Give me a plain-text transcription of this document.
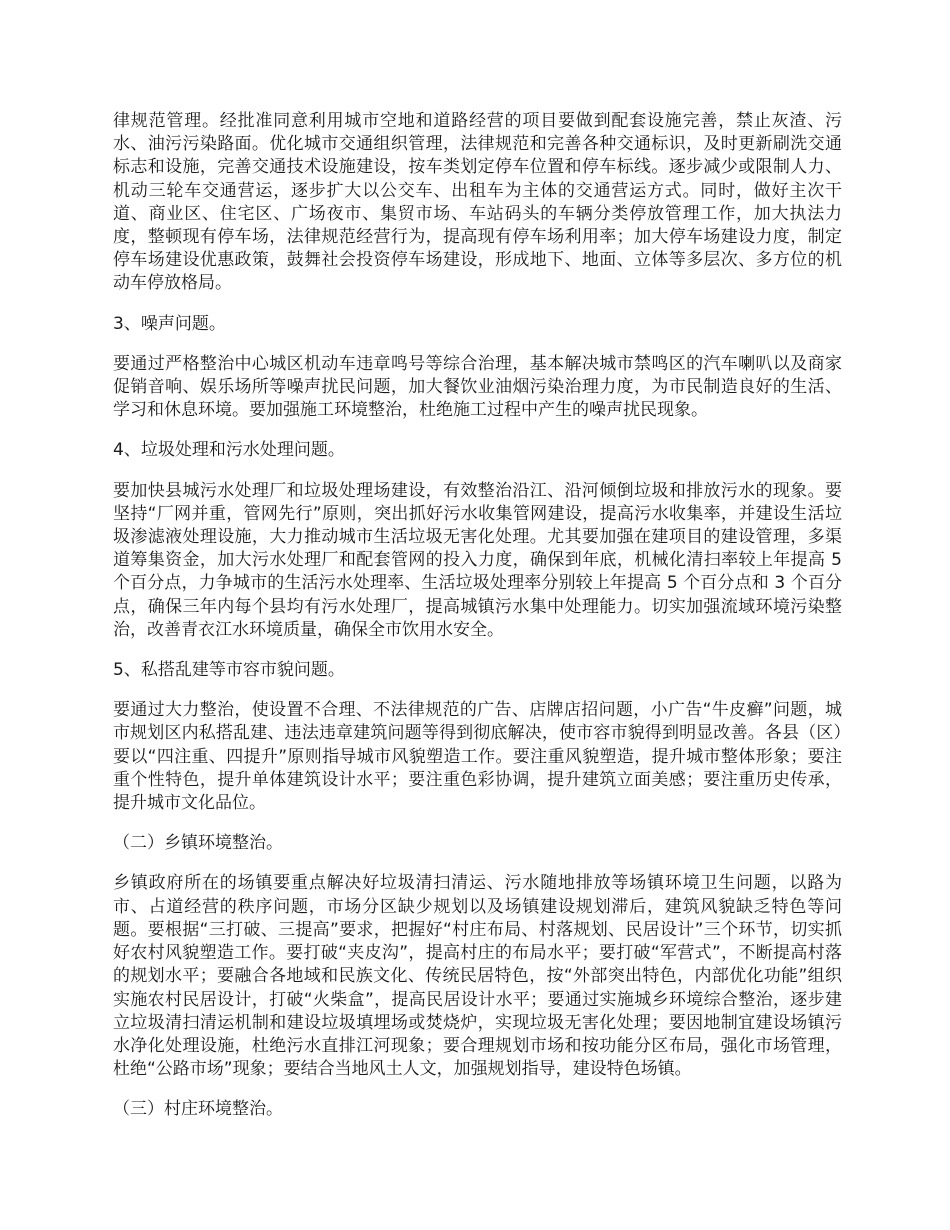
律规范管理。经批准同意利用城市空地和道路经营的项目要做到配套设施完善，禁止灰渣、污水、油污污染路面。优化城市交通组织管理，法律规范和完善各种交通标识，及时更新刷洗交通标志和设施，完善交通技术设施建设，按车类划定停车位置和停车标线。逐步减少或限制人力、机动三轮车交通营运，逐步扩大以公交车、出租车为主体的交通营运方式。同时，做好主次干道、商业区、住宅区、广场夜市、集贸市场、车站码头的车辆分类停放管理工作，加大执法力度，整顿现有停车场，法律规范经营行为，提高现有停车场利用率；加大停车场建设力度，制定停车场建设优惠政策，鼓舞社会投资停车场建设，形成地下、地面、立体等多层次、多方位的机动车停放格局。

3、噪声问题。

要通过严格整治中心城区机动车违章鸣号等综合治理，基本解决城市禁鸣区的汽车喇叭以及商家促销音响、娱乐场所等噪声扰民问题，加大餐饮业油烟污染治理力度，为市民制造良好的生活、学习和休息环境。要加强施工环境整治，杜绝施工过程中产生的噪声扰民现象。

4、垃圾处理和污水处理问题。

要加快县城污水处理厂和垃圾处理场建设，有效整治沿江、沿河倾倒垃圾和排放污水的现象。要坚持“厂网并重，管网先行”原则，突出抓好污水收集管网建设，提高污水收集率，并建设生活垃圾渗滤液处理设施，大力推动城市生活垃圾无害化处理。尤其要加强在建项目的建设管理，多渠道筹集资金，加大污水处理厂和配套管网的投入力度，确保到年底，机械化清扫率较上年提高 5 个百分点，力争城市的生活污水处理率、生活垃圾处理率分别较上年提高 5 个百分点和 3 个百分点，确保三年内每个县均有污水处理厂，提高城镇污水集中处理能力。切实加强流域环境污染整治，改善青衣江水环境质量，确保全市饮用水安全。

5、私搭乱建等市容市貌问题。

要通过大力整治，使设置不合理、不法律规范的广告、店牌店招问题，小广告“牛皮癣”问题，城市规划区内私搭乱建、违法违章建筑问题等得到彻底解决，使市容市貌得到明显改善。各县（区）要以“四注重、四提升”原则指导城市风貌塑造工作。要注重风貌塑造，提升城市整体形象；要注重个性特色，提升单体建筑设计水平；要注重色彩协调，提升建筑立面美感；要注重历史传承，提升城市文化品位。

（二）乡镇环境整治。

乡镇政府所在的场镇要重点解决好垃圾清扫清运、污水随地排放等场镇环境卫生问题，以路为市、占道经营的秩序问题，市场分区缺少规划以及场镇建设规划滞后，建筑风貌缺乏特色等问题。要根据“三打破、三提高”要求，把握好“村庄布局、村落规划、民居设计”三个环节，切实抓好农村风貌塑造工作。要打破“夹皮沟”，提高村庄的布局水平；要打破“军营式”，不断提高村落的规划水平；要融合各地域和民族文化、传统民居特色，按“外部突出特色，内部优化功能”组织实施农村民居设计，打破“火柴盒”，提高民居设计水平；要通过实施城乡环境综合整治，逐步建立垃圾清扫清运机制和建设垃圾填埋场或焚烧炉，实现垃圾无害化处理；要因地制宜建设场镇污水净化处理设施，杜绝污水直排江河现象；要合理规划市场和按功能分区布局，强化市场管理，杜绝“公路市场”现象；要结合当地风土人文，加强规划指导，建设特色场镇。

（三）村庄环境整治。
